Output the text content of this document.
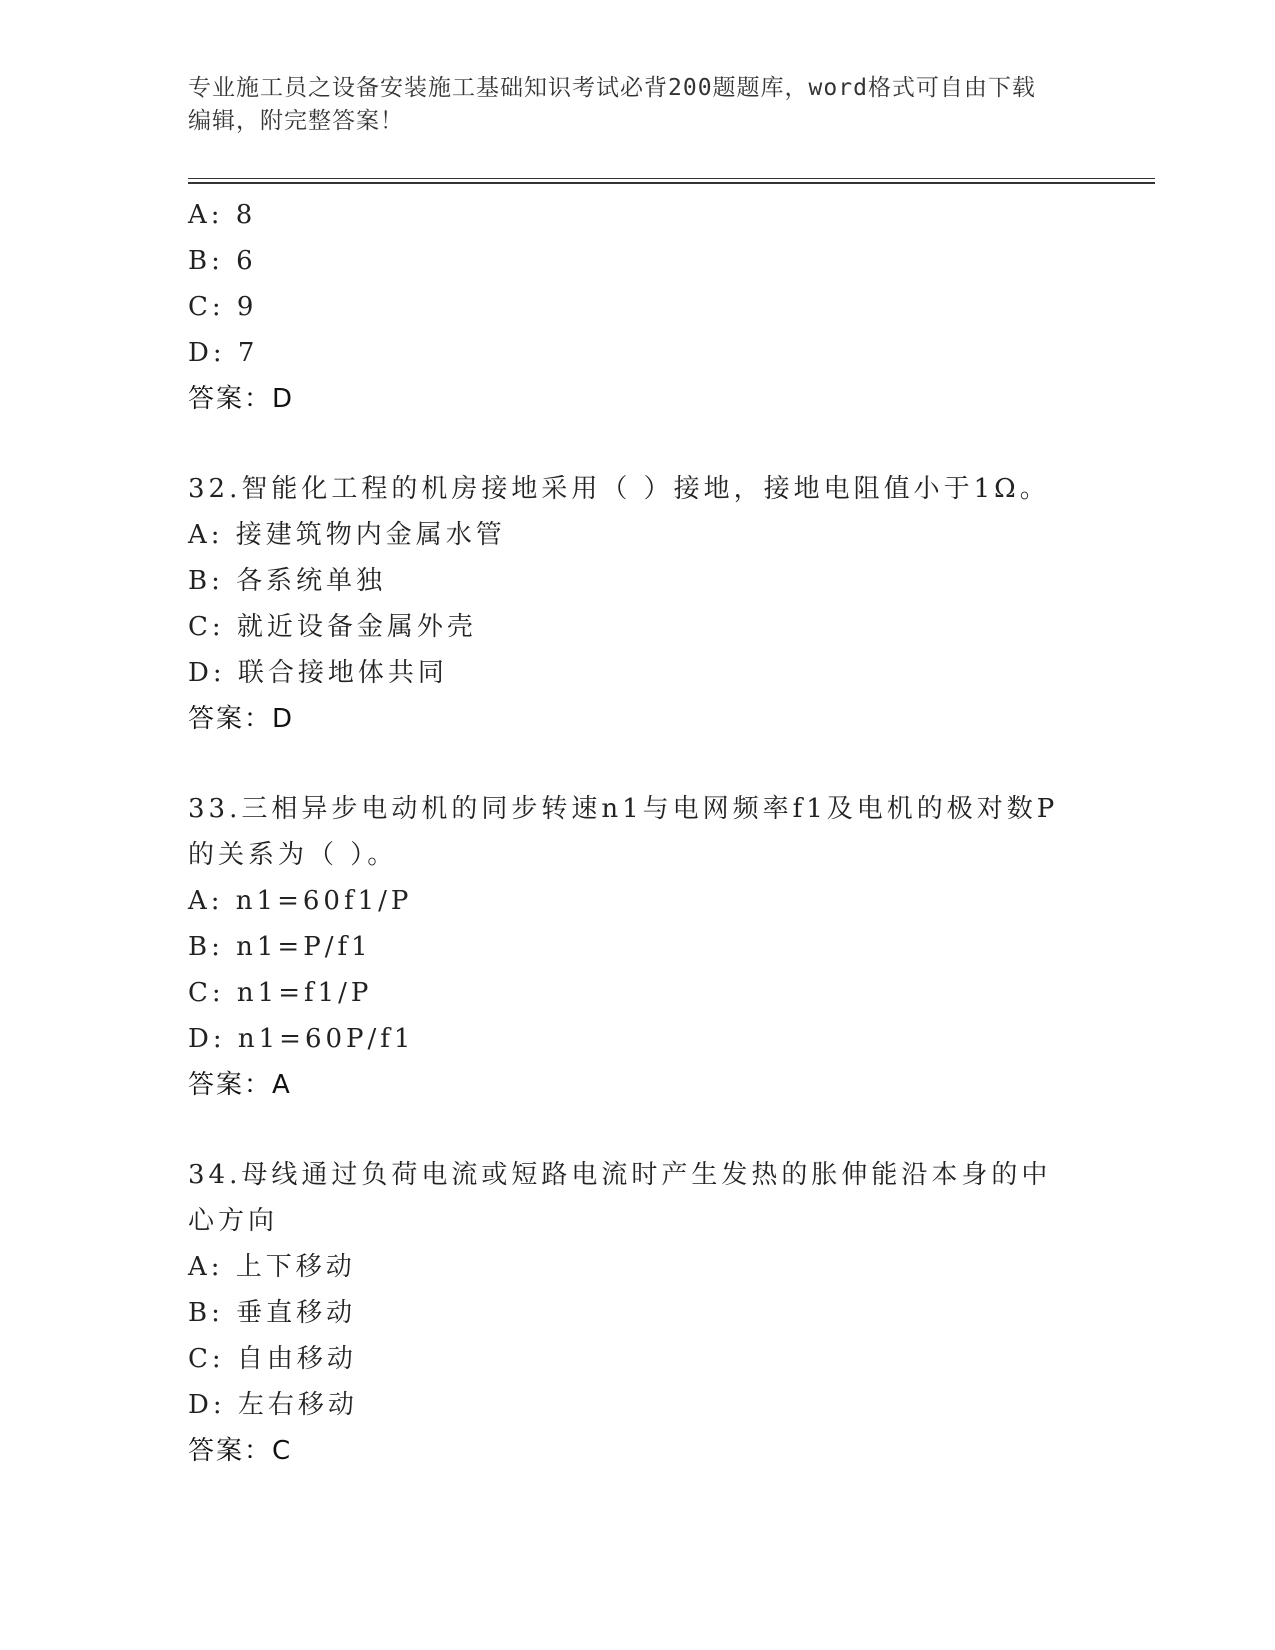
专业施工员之设备安装施工基础知识考试必背200题题库，word格式可自由下载
编辑，附完整答案！
A: 8
B: 6
C: 9
D: 7
答案：D
32.智能化工程的机房接地采用（ ）接地，接地电阻值小于1Ω。
A: 接建筑物内金属水管
B: 各系统单独
C: 就近设备金属外壳
D: 联合接地体共同
答案：D
33.三相异步电动机的同步转速n1与电网频率f1及电机的极对数P的关系为（ ）。
A: n1=60f1/P
B: n1=P/f1
C: n1=f1/P
D: n1=60P/f1
答案：A
34.母线通过负荷电流或短路电流时产生发热的胀伸能沿本身的中心方向
A: 上下移动
B: 垂直移动
C: 自由移动
D: 左右移动
答案：C
